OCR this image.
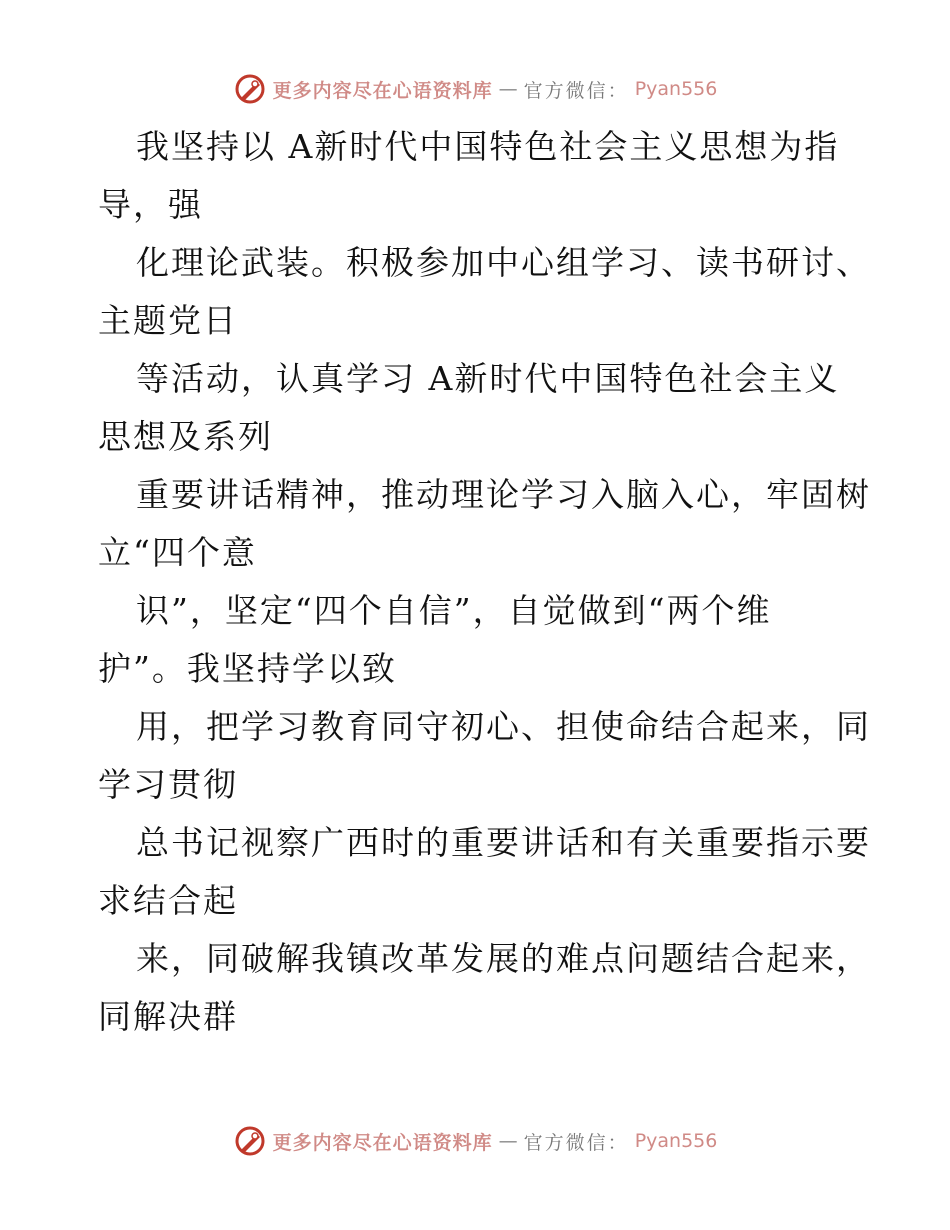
更多内容尽在心语资料库 — 官方微信： Pyan556

我坚持以 A新时代中国特色社会主义思想为指
导，强

化理论武装。积极参加中心组学习、读书研讨、
主题党日

等活动，认真学习 A新时代中国特色社会主义
思想及系列

重要讲话精神，推动理论学习入脑入心，牢固树
立“四个意

识”，坚定“四个自信”，自觉做到“两个维
护”。我坚持学以致

用，把学习教育同守初心、担使命结合起来，同
学习贯彻

总书记视察广西时的重要讲话和有关重要指示要
求结合起

来，同破解我镇改革发展的难点问题结合起来，
同解决群

更多内容尽在心语资料库 — 官方微信： Pyan556
